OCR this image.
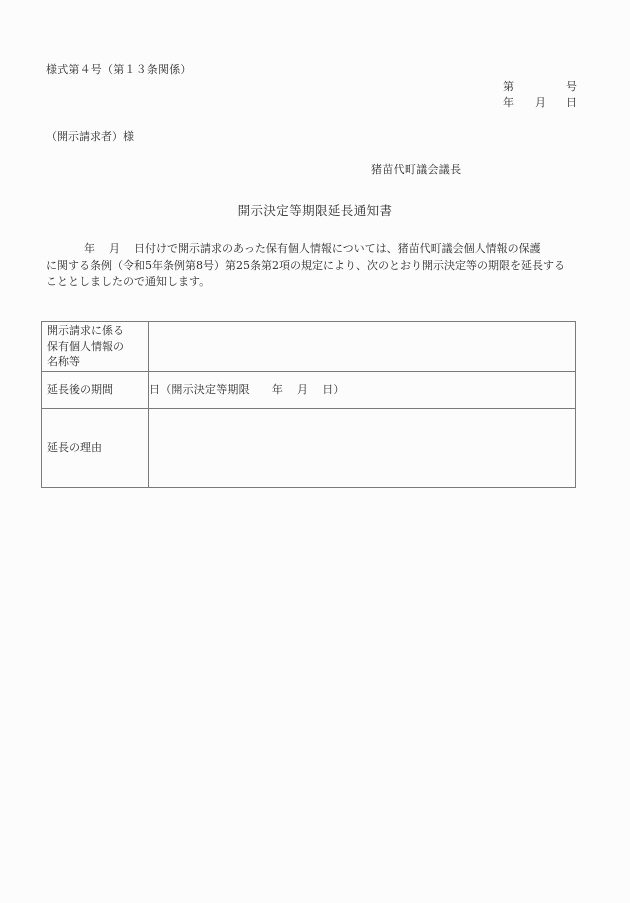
様式第４号（第１３条関係）
第	号
年 月 日
（開示請求者）様
猪苗代町議会議長
開示決定等期限延長通知書
年 月 日付けで開示請求のあった保有個人情報については、猪苗代町議会個人情報の保護
に関する条例（令和5年条例第8号）第25条第2項の規定により、次のとおり開示決定等の期限を延長する
こととしましたので通知します。
開示請求に係る
保有個人情報の
名称等	

延長後の期間	日（開示決定等期限 年 月 日）
延長の理由	
